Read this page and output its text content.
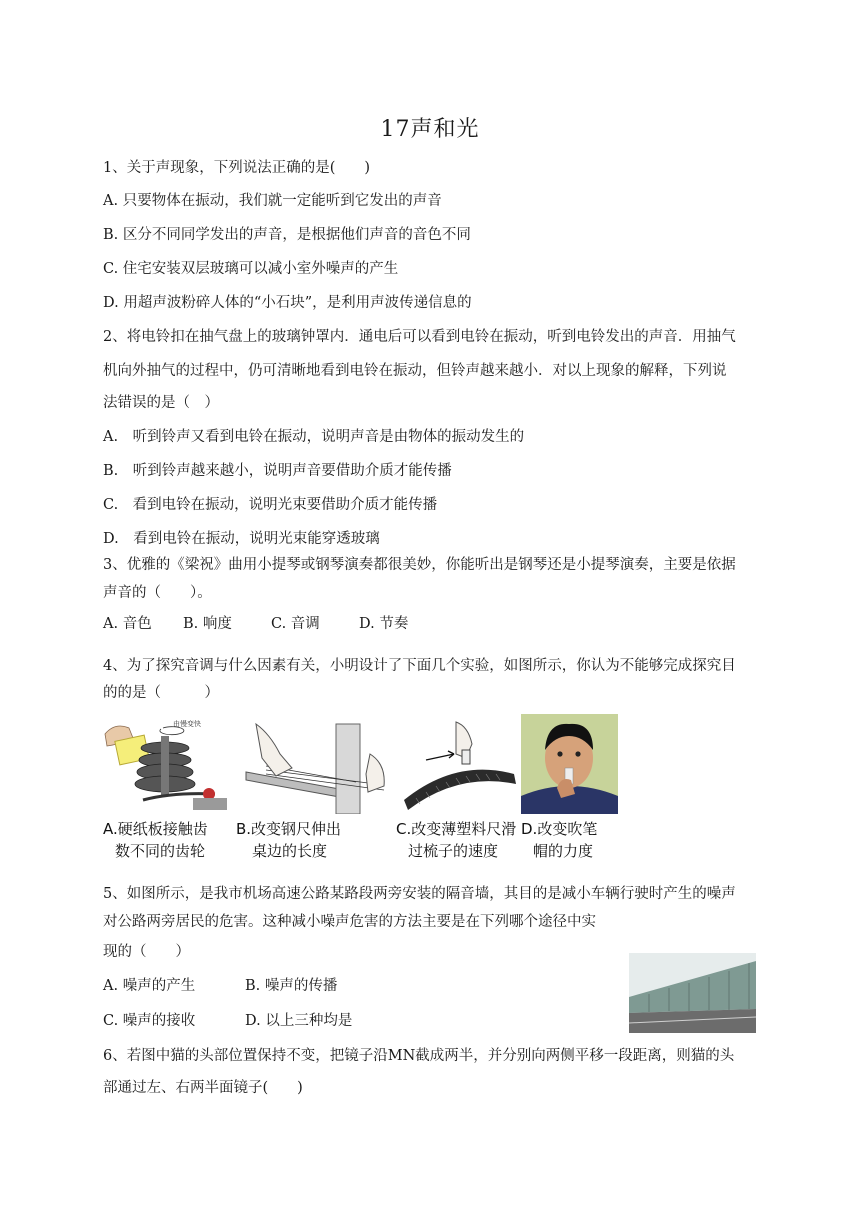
17声和光
1、关于声现象，下列说法正确的是(　　)
A. 只要物体在振动，我们就一定能听到它发出的声音
B. 区分不同同学发出的声音，是根据他们声音的音色不同
C. 住宅安装双层玻璃可以减小室外噪声的产生
D. 用超声波粉碎人体的“小石块”，是利用声波传递信息的
2、将电铃扣在抽气盘上的玻璃钟罩内．通电后可以看到电铃在振动，听到电铃发出的声音．用抽气
机向外抽气的过程中，仍可清晰地看到电铃在振动，但铃声越来越小．对以上现象的解释，下列说
法错误的是（　）
A.　听到铃声又看到电铃在振动，说明声音是由物体的振动发生的
B.　听到铃声越来越小，说明声音要借助介质才能传播
C.　看到电铃在振动，说明光束要借助介质才能传播
D.　看到电铃在振动，说明光束能穿透玻璃
3、优雅的《梁祝》曲用小提琴或钢琴演奏都很美妙，你能听出是钢琴还是小提琴演奏，主要是依据
声音的（　　）。
A. 音色 B. 响度	C. 音调	D. 节奏
4、为了探究音调与什么因素有关，小明设计了下面几个实验，如图所示，你认为不能够完成探究目
的的是（　　　）
由慢变快
A.硬纸板接触齿
数不同的齿轮
B.改变钢尺伸出
桌边的长度
C.改变薄塑料尺滑
过梳子的速度
D.改变吹笔
帽的力度
5、如图所示，是我市机场高速公路某路段两旁安装的隔音墙，其目的是减小车辆行驶时产生的噪声
对公路两旁居民的危害。这种减小噪声危害的方法主要是在下列哪个途径中实
现的（　　）
A. 噪声的产生	B. 噪声的传播
C. 噪声的接收	D. 以上三种均是
6、若图中猫的头部位置保持不变，把镜子沿MN截成两半，并分别向两侧平移一段距离，则猫的头
部通过左、右两半面镜子(　　)
